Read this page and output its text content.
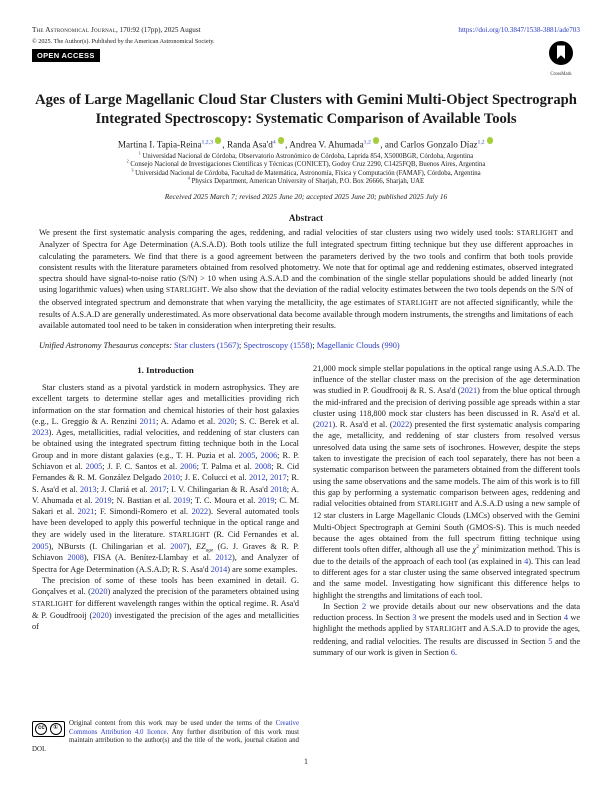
The Astronomical Journal, 170:92 (17pp), 2025 August
© 2025. The Author(s). Published by the American Astronomical Society.
OPEN ACCESS
https://doi.org/10.3847/1538-3881/ade703
CrossMark
Ages of Large Magellanic Cloud Star Clusters with Gemini Multi-Object Spectrograph Integrated Spectroscopy: Systematic Comparison of Available Tools
Martina I. Tapia-Reina$^{1,2,3}$ , Randa $Asa'd^4$ , Andrea V. Ahumada$^{1,2}$ , and Carlos Gonzalo Díaz$^{1,2}$
$^1$ Universidad Nacional de Córdoba, Observatorio Astronómico de Córdoba, Laprida 854, X5000BGR, Córdoba, Argentina
$^2$ Consejo Nacional de Investigaciones Científicas y Técnicas (CONICET), Godoy Cruz 2290, C1425FQB, Buenos Aires, Argentina
$^3$ Universidad Nacional de Córdoba, Facultad de Matemática, Astronomía, Física y Computación (FAMAF), Córdoba, Argentina
$^4$ Physics Department, American University of Sharjah, P.O. Box 26666, Sharjah, UAE
Received 2025 March 7; revised 2025 June 20; accepted 2025 June 20; published 2025 July 16
Abstract
We present the first systematic analysis comparing the ages, reddening, and radial velocities of star clusters using two widely used tools: STARLIGHT and Analyzer of Spectra for Age Determination (A.S.A.D). Both tools utilize the full integrated spectrum fitting technique but they use different approaches in calculating the parameters. We find that there is a good agreement between the parameters derived by the two tools and confirm that both tools provide consistent results with the literature parameters obtained from resolved photometry. We note that for optimal age and reddening estimates, observed integrated spectra should have signal-to-noise ratio (S/N) > 10 when using A.S.A.D and the combination of the single stellar populations should be added linearly (not using logarithmic values) when using STARLIGHT. We also show that the deviation of the radial velocity estimates between the two tools depends on the S/N of the observed integrated spectrum and demonstrate that when varying the metallicity, the age estimates of STARLIGHT are not affected significantly, while the results of A.S.A.D are generally underestimated. As more observational data become available through modern instruments, the strengths and limitations of each available automated tool need to be taken in consideration when interpreting their results.
Unified Astronomy Thesaurus concepts: Star clusters (1567); Spectroscopy (1558); Magellanic Clouds (990)
1. Introduction

Star clusters stand as a pivotal yardstick in modern astrophysics. They are excellent targets to determine stellar ages and metallicities providing rich information on the star formation and chemical histories of their host galaxies (e.g., L. Greggio & A. Renzini 2011; A. Adamo et al. 2020; S. C. Berek et al. 2023). Ages, metallicities, radial velocities, and reddening of star clusters can be obtained using the integrated spectrum fitting technique both in the Local Group and in more distant galaxies (e.g., T. H. Puzia et al. 2005, 2006; R. P. Schiavon et al. 2005; J. F. C. Santos et al. 2006; T. Palma et al. 2008; R. Cid Fernandes & R. M. González Delgado 2010; J. E. Colucci et al. 2012, 2017; R. S. Asa'd et al. 2013; J. Clariá et al. 2017; I. V. Chilingarian & R. Asa'd 2018; A. V. Ahumada et al. 2019; N. Bastian et al. 2019; T. C. Moura et al. 2019; C. M. Sakari et al. 2021; F. Simondi-Romero et al. 2022). Several automated tools have been developed to apply this powerful technique in the optical range and they are widely used in the literature. STARLIGHT (R. Cid Fernandes et al. 2005), NBursts (I. Chilingarian et al. 2007), $EZ_{age}$ (G. J. Graves & R. P. Schiavon 2008), FISA (A. Benítez-Llambay et al. 2012), and Analyzer of Spectra for Age Determination (A.S.A.D; R. S. Asa'd 2014) are some examples.

The precision of some of these tools has been examined in detail. G. Gonçalves et al. (2020) analyzed the precision of the parameters obtained using STARLIGHT for different wavelength ranges within the optical regime. R. Asa'd & P. Goudfrooij (2020) investigated the precision of the ages and metallicities of

cc	①
Original content from this work may be used under the terms of the Creative Commons Attribution 4.0 licence. Any further distribution of this work must maintain attribution to the author(s) and the title of the work, journal citation and DOI.

21,000 mock simple stellar populations in the optical range using A.S.A.D. The influence of the stellar cluster mass on the precision of the age determination was studied in P. Goudfrooij & R. S. Asa'd (2021) from the blue optical through the mid-infrared and the precision of deriving possible age spreads within a star cluster using 118,800 mock star clusters has been discussed in R. Asa'd et al. (2021). R. Asa'd et al. (2022) presented the first systematic analysis comparing the age, metallicity, and reddening of star clusters from resolved versus unresolved data using the same sets of isochrones. However, despite the steps taken to investigate the precision of each tool separately, there has not been a systematic comparison between the parameters obtained from the different tools using the same observations and the same models. The aim of this work is to fill this gap by performing a systematic comparison between ages, reddening and radial velocities obtained from STARLIGHT and A.S.A.D using a new sample of 12 star clusters in Large Magellanic Clouds (LMCs) observed with the Gemini Multi-Object Spectrograph at Gemini South (GMOS-S). This is much needed because the ages obtained from the full spectrum fitting technique using different tools often differ, although all use the $\chi^2$ minimization method. This is due to the details of the approach of each tool (as explained in 4). This can lead to different ages for a star cluster using the same observed integrated spectrum and the same model. Investigating how significant this difference helps to highlight the strengths and limitations of each tool.

In Section 2 we provide details about our new observations and the data reduction process. In Section 3 we present the models used and in Section 4 we highlight the methods applied by STARLIGHT and A.S.A.D to provide the ages, reddening, and radial velocities. The results are discussed in Section 5 and the summary of our work is given in Section 6.

1
